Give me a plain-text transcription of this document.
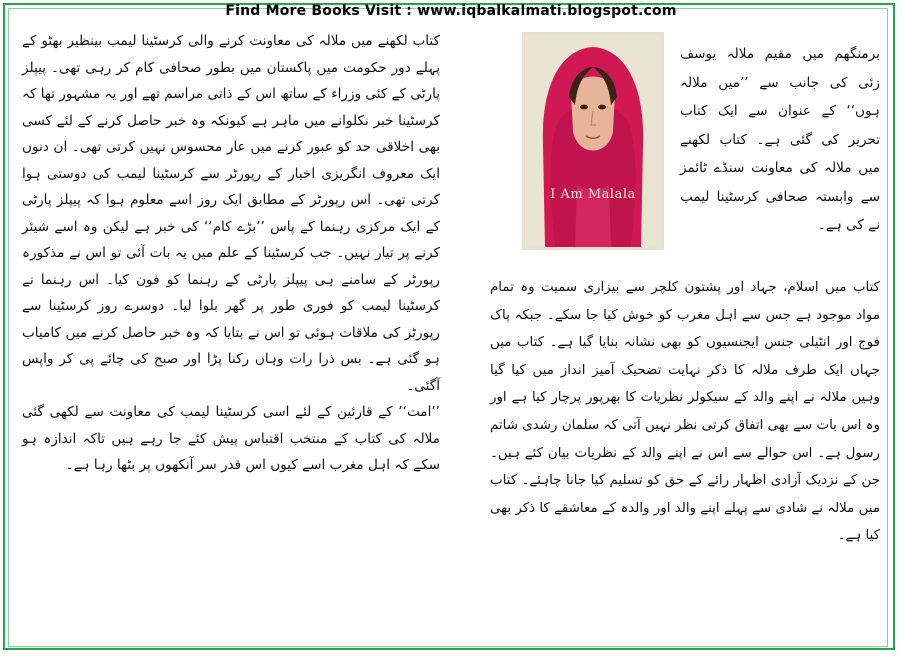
Find More Books Visit : www.iqbalkalmati.blogspot.com

کتاب لکھنے میں ملالہ کی معاونت کرنے والی کرسٹینا لیمب بینظیر بھٹو کے پہلے دور حکومت میں پاکستان میں بطور صحافی کام کر رہی تھی۔ پیپلز پارٹی کے کئی وزراء کے ساتھ اس کے ذاتی مراسم تھے اور یہ مشہور تھا کہ کرسٹینا خبر نکلوانے میں ماہر ہے کیونکہ وہ خبر حاصل کرنے کے لئے کسی بھی اخلاقی حد کو عبور کرنے میں عار محسوس نہیں کرتی تھی۔ ان دنوں ایک معروف انگریزی اخبار کے رپورٹر سے کرسٹینا لیمب کی دوستی ہوا کرتی تھی۔ اس رپورٹر کے مطابق ایک روز اسے معلوم ہوا کہ پیپلز پارٹی کے ایک مرکزی رہنما کے پاس ’’بڑے کام‘‘ کی خبر ہے لیکن وہ اسے شیئر کرنے پر تیار نہیں۔ جب کرسٹینا کے علم میں یہ بات آئی تو اس نے مذکورہ رپورٹر کے سامنے ہی پیپلز پارٹی کے رہنما کو فون کیا۔ اس رہنما نے کرسٹینا لیمب کو فوری طور پر گھر بلوا لیا۔ دوسرے روز کرسٹینا سے رپورٹر کی ملاقات ہوئی تو اس نے بتایا کہ وہ خبر حاصل کرنے میں کامیاب ہو گئی ہے۔ بس ذرا رات وہاں رکنا پڑا اور صبح کی چائے پی کر واپس آگئی۔

’’امت‘‘ کے قارئین کے لئے اسی کرسٹینا لیمب کی معاونت سے لکھی گئی ملالہ کی کتاب کے منتخب اقتباس پیش کئے جا رہے ہیں تاکہ اندازہ ہو سکے کہ اہل مغرب اسے کیوں اس قدر سر آنکھوں پر بٹھا رہا ہے۔

I Am Malala

برمنگھم میں مقیم ملالہ یوسف زئی کی جانب سے ’’میں ملالہ ہوں‘‘ کے عنوان سے ایک کتاب تحریر کی گئی ہے۔ کتاب لکھنے میں ملالہ کی معاونت سنڈے ٹائمز سے وابستہ صحافی کرسٹینا لیمب نے کی ہے۔

کتاب میں اسلام، جہاد اور پشتون کلچر سے بیزاری سمیت وہ تمام مواد موجود ہے جس سے اہل مغرب کو خوش کیا جا سکے۔ جبکہ پاک فوج اور انٹیلی جنس ایجنسیوں کو بھی نشانہ بنایا گیا ہے۔ کتاب میں جہاں ایک طرف ملالہ کا ذکر نہایت تضحیک آمیز انداز میں کیا گیا وہیں ملالہ نے اپنے والد کے سیکولر نظریات کا بھرپور پرچار کیا ہے اور وہ اس بات سے بھی اتفاق کرتی نظر نہیں آتی کہ سلمان رشدی شاتم رسول ہے۔ اس حوالے سے اس نے اپنے والد کے نظریات بیان کئے ہیں۔ جن کے نزدیک آزادی اظہار رائے کے حق کو تسلیم کیا جانا چاہئے۔ کتاب میں ملالہ نے شادی سے پہلے اپنے والد اور والدہ کے معاشقے کا ذکر بھی کیا ہے۔
